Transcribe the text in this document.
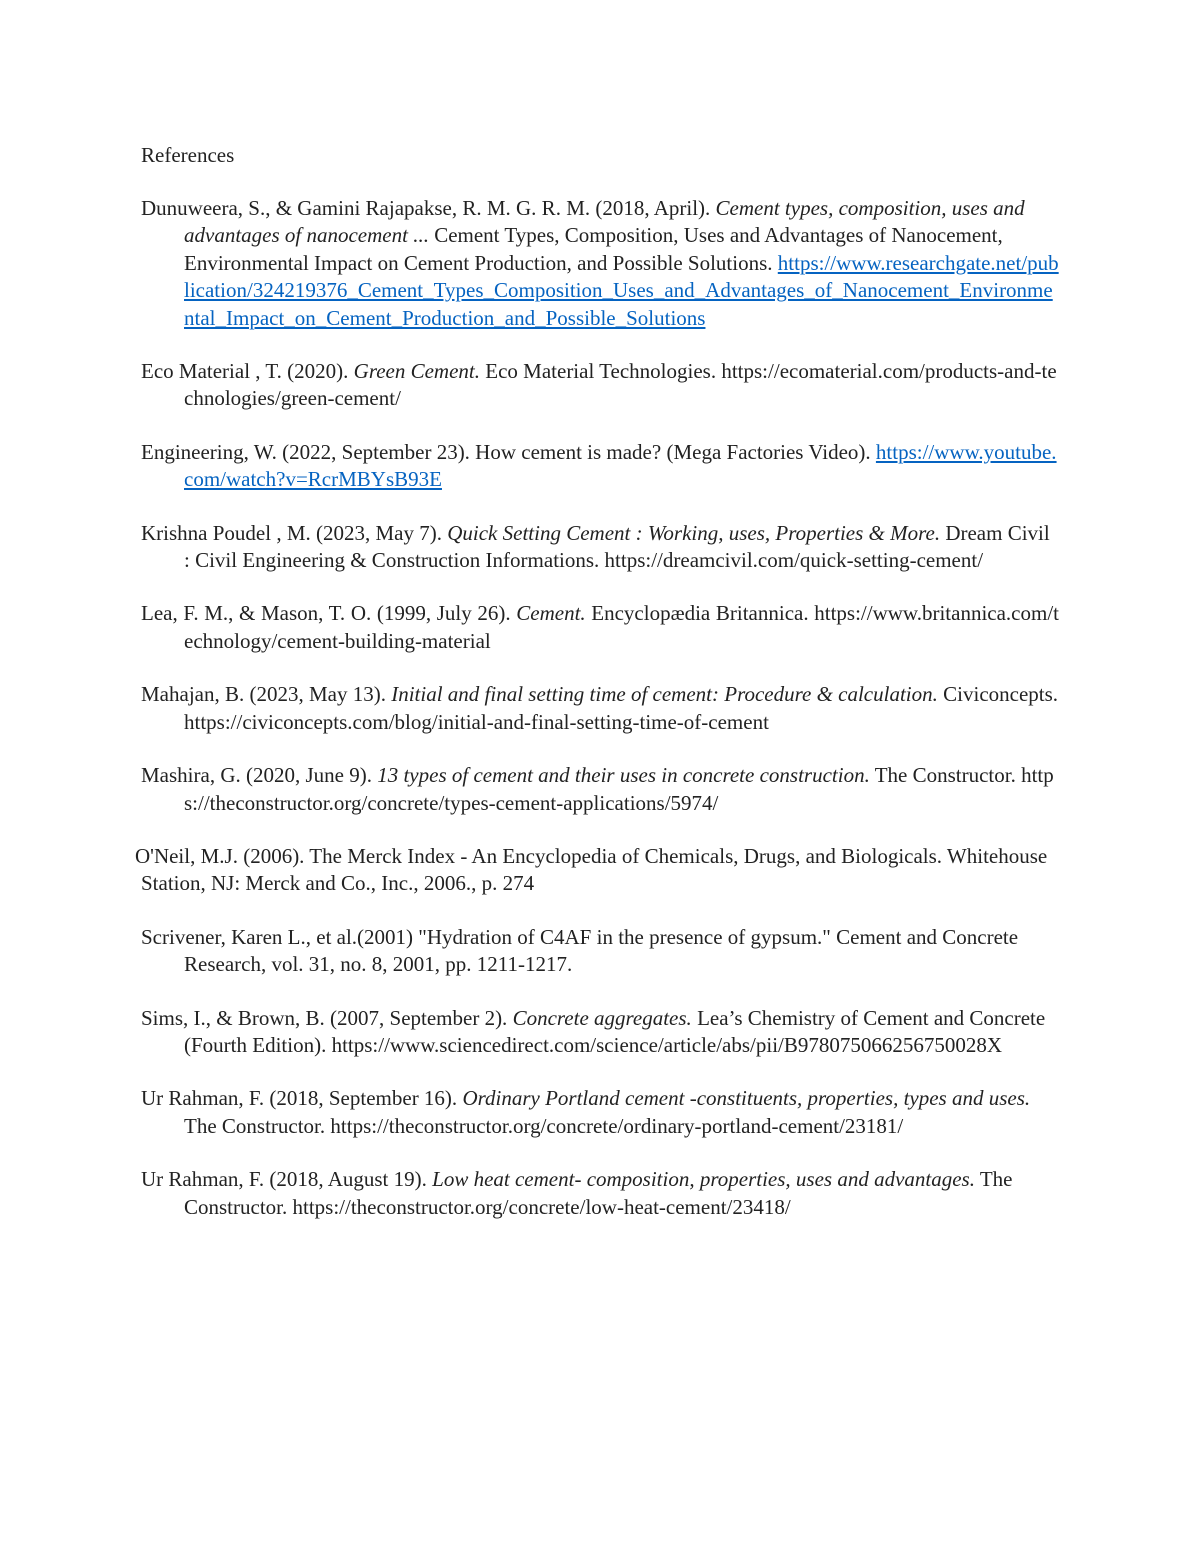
References

Dunuweera, S., & Gamini Rajapakse, R. M. G. R. M. (2018, April). Cement types, composition, uses and advantages of nanocement ... Cement Types, Composition, Uses and Advantages of Nanocement, Environmental Impact on Cement Production, and Possible Solutions. https://www.researchgate.net/publication/324219376_Cement_Types_Composition_Uses_and_Advantages_of_Nanocement_Environmental_Impact_on_Cement_Production_and_Possible_Solutions

Eco Material , T. (2020). Green Cement. Eco Material Technologies. https://ecomaterial.com/products-and-technologies/green-cement/

Engineering, W. (2022, September 23). How cement is made? (Mega Factories Video). https://www.youtube.com/watch?v=RcrMBYsB93E

Krishna Poudel , M. (2023, May 7). Quick Setting Cement : Working, uses, Properties & More. Dream Civil : Civil Engineering & Construction Informations. https://dreamcivil.com/quick-setting-cement/

Lea, F. M., & Mason, T. O. (1999, July 26). Cement. Encyclopædia Britannica. https://www.britannica.com/technology/cement-building-material

Mahajan, B. (2023, May 13). Initial and final setting time of cement: Procedure & calculation. Civiconcepts. https://civiconcepts.com/blog/initial-and-final-setting-time-of-cement

Mashira, G. (2020, June 9). 13 types of cement and their uses in concrete construction. The Constructor. https://theconstructor.org/concrete/types-cement-applications/5974/

O'Neil, M.J. (2006). The Merck Index - An Encyclopedia of Chemicals, Drugs, and Biologicals. Whitehouse Station, NJ: Merck and Co., Inc., 2006., p. 274

Scrivener, Karen L., et al.(2001) "Hydration of C4AF in the presence of gypsum." Cement and Concrete Research, vol. 31, no. 8, 2001, pp. 1211-1217.

Sims, I., & Brown, B. (2007, September 2). Concrete aggregates. Lea’s Chemistry of Cement and Concrete (Fourth Edition). https://www.sciencedirect.com/science/article/abs/pii/B978075066256750028X

Ur Rahman, F. (2018, September 16). Ordinary Portland cement -constituents, properties, types and uses. The Constructor. https://theconstructor.org/concrete/ordinary-portland-cement/23181/

Ur Rahman, F. (2018, August 19). Low heat cement- composition, properties, uses and advantages. The Constructor. https://theconstructor.org/concrete/low-heat-cement/23418/
